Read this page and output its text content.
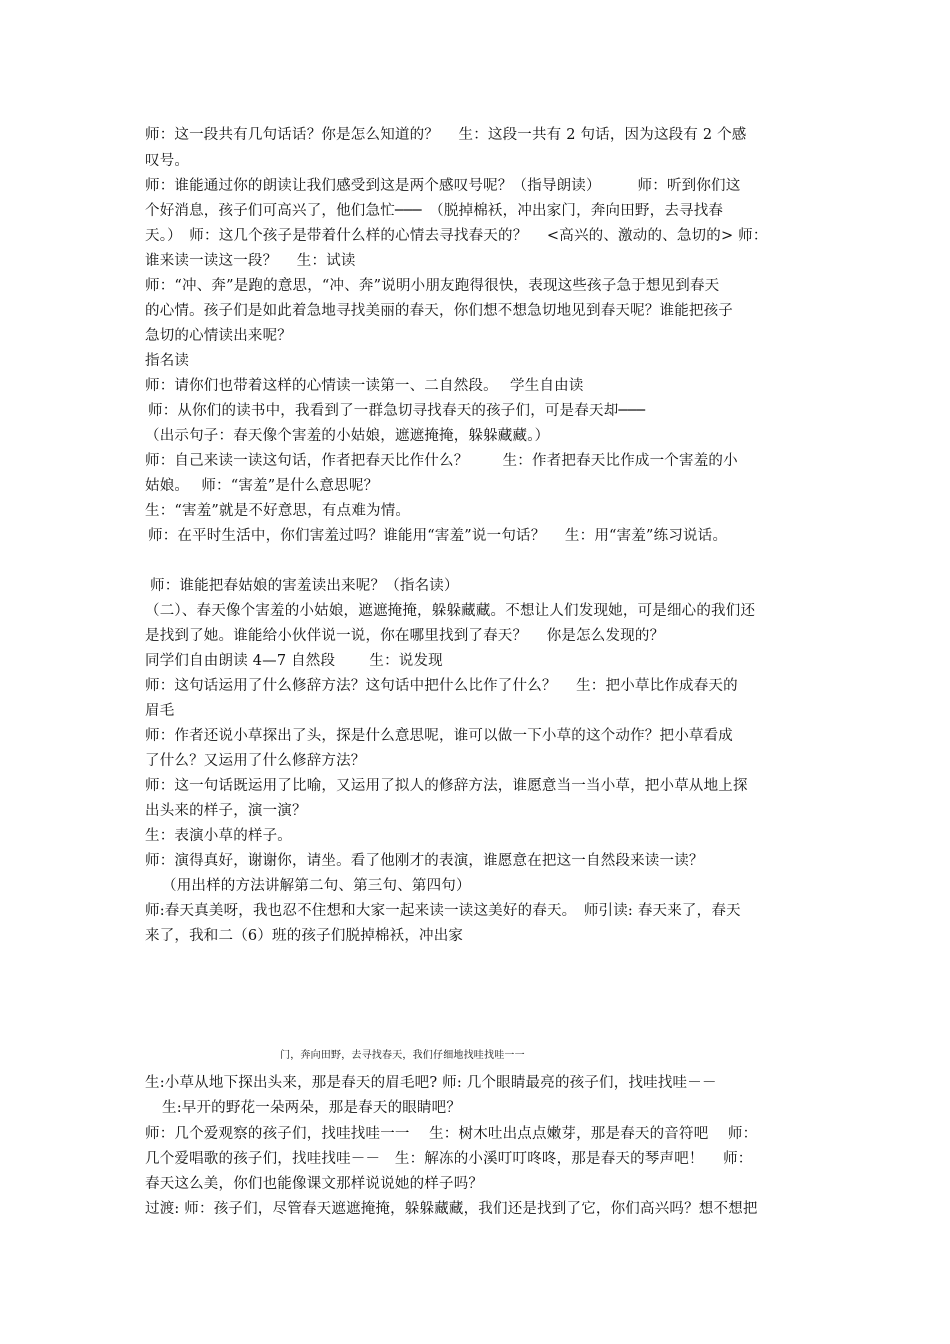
师：这一段共有几句话话？你是怎么知道的？　 生：这段一共有 2 句话，因为这段有 2 个感
叹号。
师：谁能通过你的朗读让我们感受到这是两个感叹号呢？（指导朗读）　　　师：听到你们这
个好消息，孩子们可高兴了，他们急忙───　（脱掉棉袄，冲出家门，奔向田野，去寻找春
天。）　师：这几个孩子是带着什么样的心情去寻找春天的？　 <高兴的、激动的、急切的> 师：
谁来读一读这一段？　 生：试读
师：“冲、奔”是跑的意思，“冲、奔”说明小朋友跑得很快，表现这些孩子急于想见到春天
的心情。孩子们是如此着急地寻找美丽的春天，你们想不想急切地见到春天呢？谁能把孩子
急切的心情读出来呢？
指名读
师：请你们也带着这样的心情读一读第一、二自然段。　 学生自由读
师：从你们的读书中，我看到了一群急切寻找春天的孩子们，可是春天却───
（出示句子：春天像个害羞的小姑娘，遮遮掩掩，躲躲藏藏。）
师：自己来读一读这句话，作者把春天比作什么？　　 生：作者把春天比作成一个害羞的小
姑娘。　 师：“害羞”是什么意思呢？
生：“害羞”就是不好意思，有点难为情。
师：在平时生活中，你们害羞过吗？谁能用“害羞”说一句话？　 生：用“害羞”练习说话。
师：谁能把春姑娘的害羞读出来呢？（指名读）
（二）、春天像个害羞的小姑娘，遮遮掩掩，躲躲藏藏。不想让人们发现她，可是细心的我们还
是找到了她。谁能给小伙伴说一说，你在哪里找到了春天？　 你是怎么发现的？
同学们自由朗读 4—7 自然段　　 生：说发现
师：这句话运用了什么修辞方法？这句话中把什么比作了什么？　 生：把小草比作成春天的
眉毛
师：作者还说小草探出了头，探是什么意思呢，谁可以做一下小草的这个动作？把小草看成
了什么？又运用了什么修辞方法？
师：这一句话既运用了比喻，又运用了拟人的修辞方法，谁愿意当一当小草，把小草从地上探
出头来的样子，演一演？
生：表演小草的样子。
师：演得真好，谢谢你，请坐。看了他刚才的表演，谁愿意在把这一自然段来读一读？
（用出样的方法讲解第二句、第三句、第四句）
师:春天真美呀，我也忍不住想和大家一起来读一读这美好的春天。　师引读: 春天来了，春天
来了，我和二（6）班的孩子们脱掉棉袄，冲出家
门，奔向田野，去寻找春天，我们仔细地找哇找哇一一
生:小草从地下探出头来，那是春天的眉毛吧? 师: 几个眼睛最亮的孩子们，找哇找哇－－
生:早开的野花一朵两朵，那是春天的眼睛吧？
师：几个爱观察的孩子们，找哇找哇一一　 生：树木吐出点点嫩芽，那是春天的音符吧　 师：
几个爱唱歌的孩子们，找哇找哇－－　生：解冻的小溪叮叮咚咚，那是春天的琴声吧！　 师：
春天这么美，你们也能像课文那样说说她的样子吗？
过渡: 师：孩子们，尽管春天遮遮掩掩，躲躲藏藏，我们还是找到了它，你们高兴吗？想不想把
